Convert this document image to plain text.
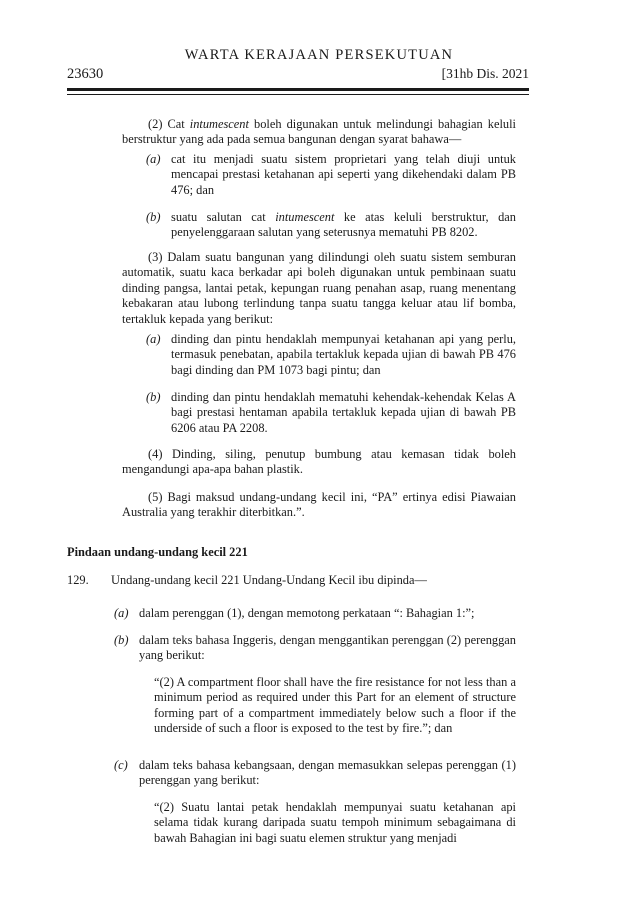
WARTA KERAJAAN PERSEKUTUAN
23630	[31hb Dis. 2021
(2) Cat intumescent boleh digunakan untuk melindungi bahagian keluli berstruktur yang ada pada semua bangunan dengan syarat bahawa—
(a) cat itu menjadi suatu sistem proprietari yang telah diuji untuk mencapai prestasi ketahanan api seperti yang dikehendaki dalam PB 476; dan
(b) suatu salutan cat intumescent ke atas keluli berstruktur, dan penyelenggaraan salutan yang seterusnya mematuhi PB 8202.
(3) Dalam suatu bangunan yang dilindungi oleh suatu sistem semburan automatik, suatu kaca berkadar api boleh digunakan untuk pembinaan suatu dinding pangsa, lantai petak, kepungan ruang penahan asap, ruang menentang kebakaran atau lubong terlindung tanpa suatu tangga keluar atau lif bomba, tertakluk kepada yang berikut:
(a) dinding dan pintu hendaklah mempunyai ketahanan api yang perlu, termasuk penebatan, apabila tertakluk kepada ujian di bawah PB 476 bagi dinding dan PM 1073 bagi pintu; dan
(b) dinding dan pintu hendaklah mematuhi kehendak-kehendak Kelas A bagi prestasi hentaman apabila tertakluk kepada ujian di bawah PB 6206 atau PA 2208.
(4) Dinding, siling, penutup bumbung atau kemasan tidak boleh mengandungi apa-apa bahan plastik.
(5) Bagi maksud undang-undang kecil ini, “PA” ertinya edisi Piawaian Australia yang terakhir diterbitkan.”.
Pindaan undang-undang kecil 221
129. Undang-undang kecil 221 Undang-Undang Kecil ibu dipinda—
(a) dalam perenggan (1), dengan memotong perkataan “: Bahagian 1:”;
(b) dalam teks bahasa Inggeris, dengan menggantikan perenggan (2) perenggan yang berikut:
“(2) A compartment floor shall have the fire resistance for not less than a minimum period as required under this Part for an element of structure forming part of a compartment immediately below such a floor if the underside of such a floor is exposed to the test by fire.”; dan
(c) dalam teks bahasa kebangsaan, dengan memasukkan selepas perenggan (1) perenggan yang berikut:
“(2) Suatu lantai petak hendaklah mempunyai suatu ketahanan api selama tidak kurang daripada suatu tempoh minimum sebagaimana di bawah Bahagian ini bagi suatu elemen struktur yang menjadi
